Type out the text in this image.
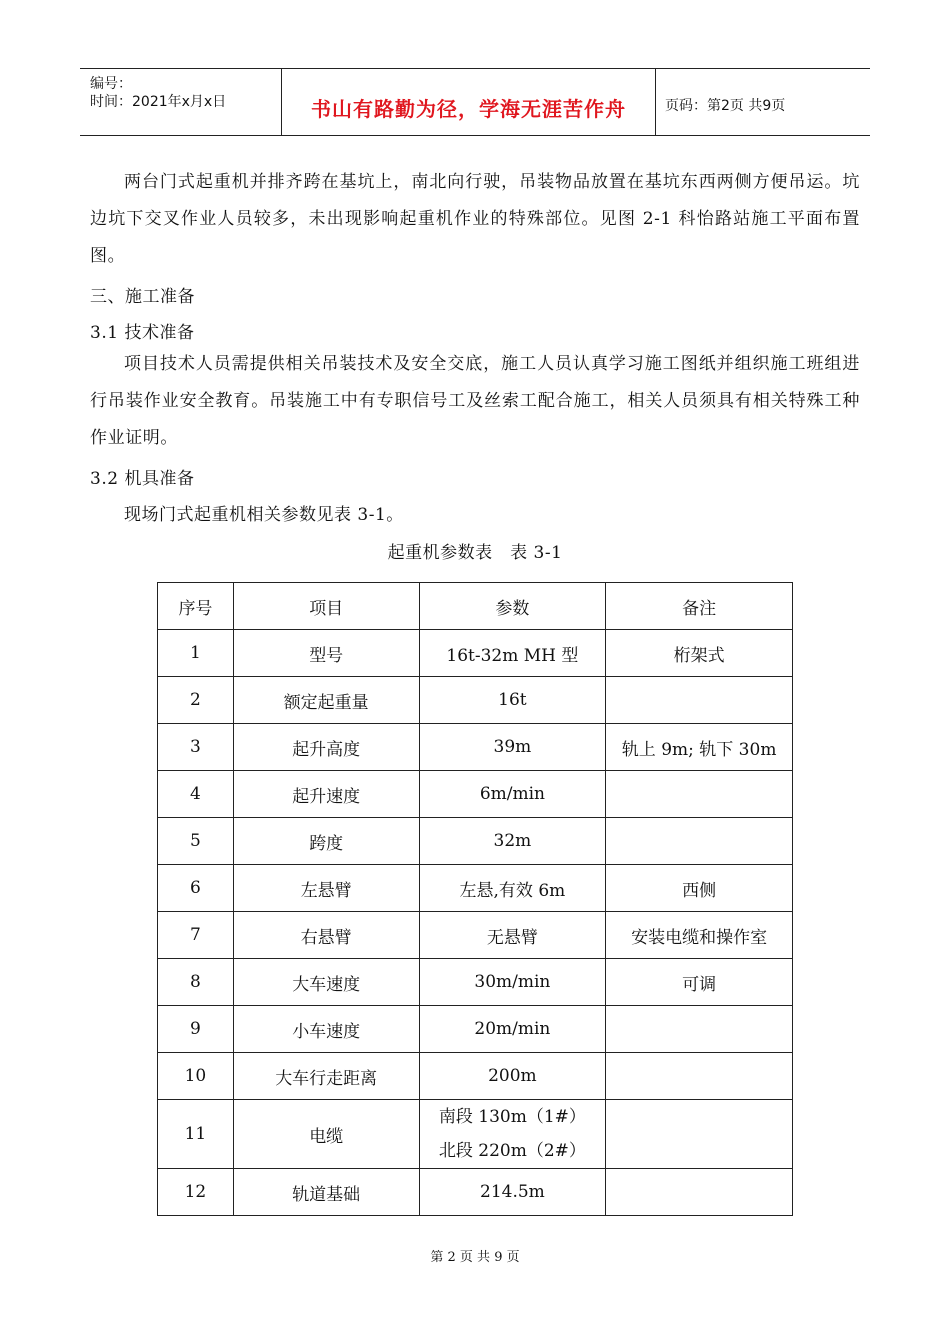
编号：
时间：2021年x月x日	书山有路勤为径，学海无涯苦作舟	页码：第2页 共9页
两台门式起重机并排齐跨在基坑上，南北向行驶，吊装物品放置在基坑东西两侧方便吊运。坑边坑下交叉作业人员较多，未出现影响起重机作业的特殊部位。见图 2-1 科怡路站施工平面布置图。
三、施工准备
3.1 技术准备
项目技术人员需提供相关吊装技术及安全交底，施工人员认真学习施工图纸并组织施工班组进行吊装作业安全教育。吊装施工中有专职信号工及丝索工配合施工，相关人员须具有相关特殊工种作业证明。
3.2 机具准备
现场门式起重机相关参数见表 3-1。
起重机参数表　表 3-1
序号	项目	参数	备注
1	型号	16t-32m MH 型	桁架式
2	额定起重量	16t	
3	起升高度	39m	轨上 9m; 轨下 30m
4	起升速度	6m/min	
5	跨度	32m	
6	左悬臂	左悬,有效 6m	西侧
7	右悬臂	无悬臂	安装电缆和操作室
8	大车速度	30m/min	可调
9	小车速度	20m/min	
10	大车行走距离	200m	
11	电缆	南段 130m（1#）
北段 220m（2#）	

12	轨道基础	214.5m	
第 2 页 共 9 页
